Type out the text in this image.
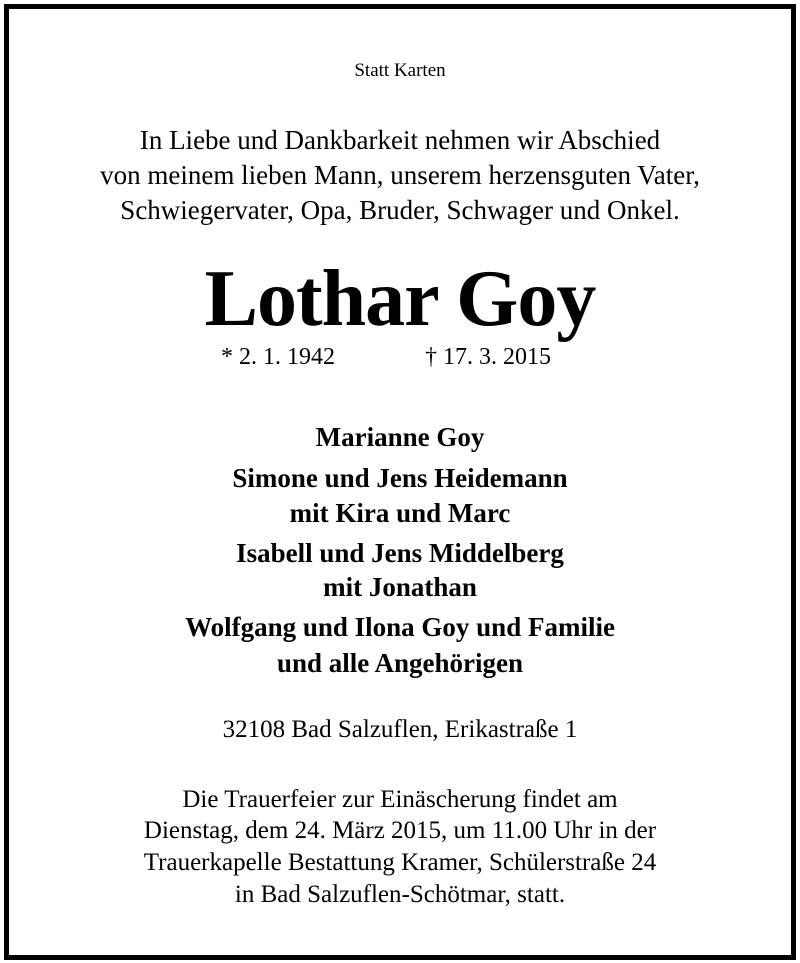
Statt Karten
In Liebe und Dankbarkeit nehmen wir Abschied
von meinem lieben Mann, unserem herzensguten Vater,
Schwiegervater, Opa, Bruder, Schwager und Onkel.
Lothar Goy
* 2. 1. 1942	† 17. 3. 2015
Marianne Goy
Simone und Jens Heidemann
mit Kira und Marc
Isabell und Jens Middelberg
mit Jonathan
Wolfgang und Ilona Goy und Familie
und alle Angehörigen
32108 Bad Salzuflen, Erikastraße 1
Die Trauerfeier zur Einäscherung findet am
Dienstag, dem 24. März 2015, um 11.00 Uhr in der
Trauerkapelle Bestattung Kramer, Schülerstraße 24
in Bad Salzuflen-Schötmar, statt.
